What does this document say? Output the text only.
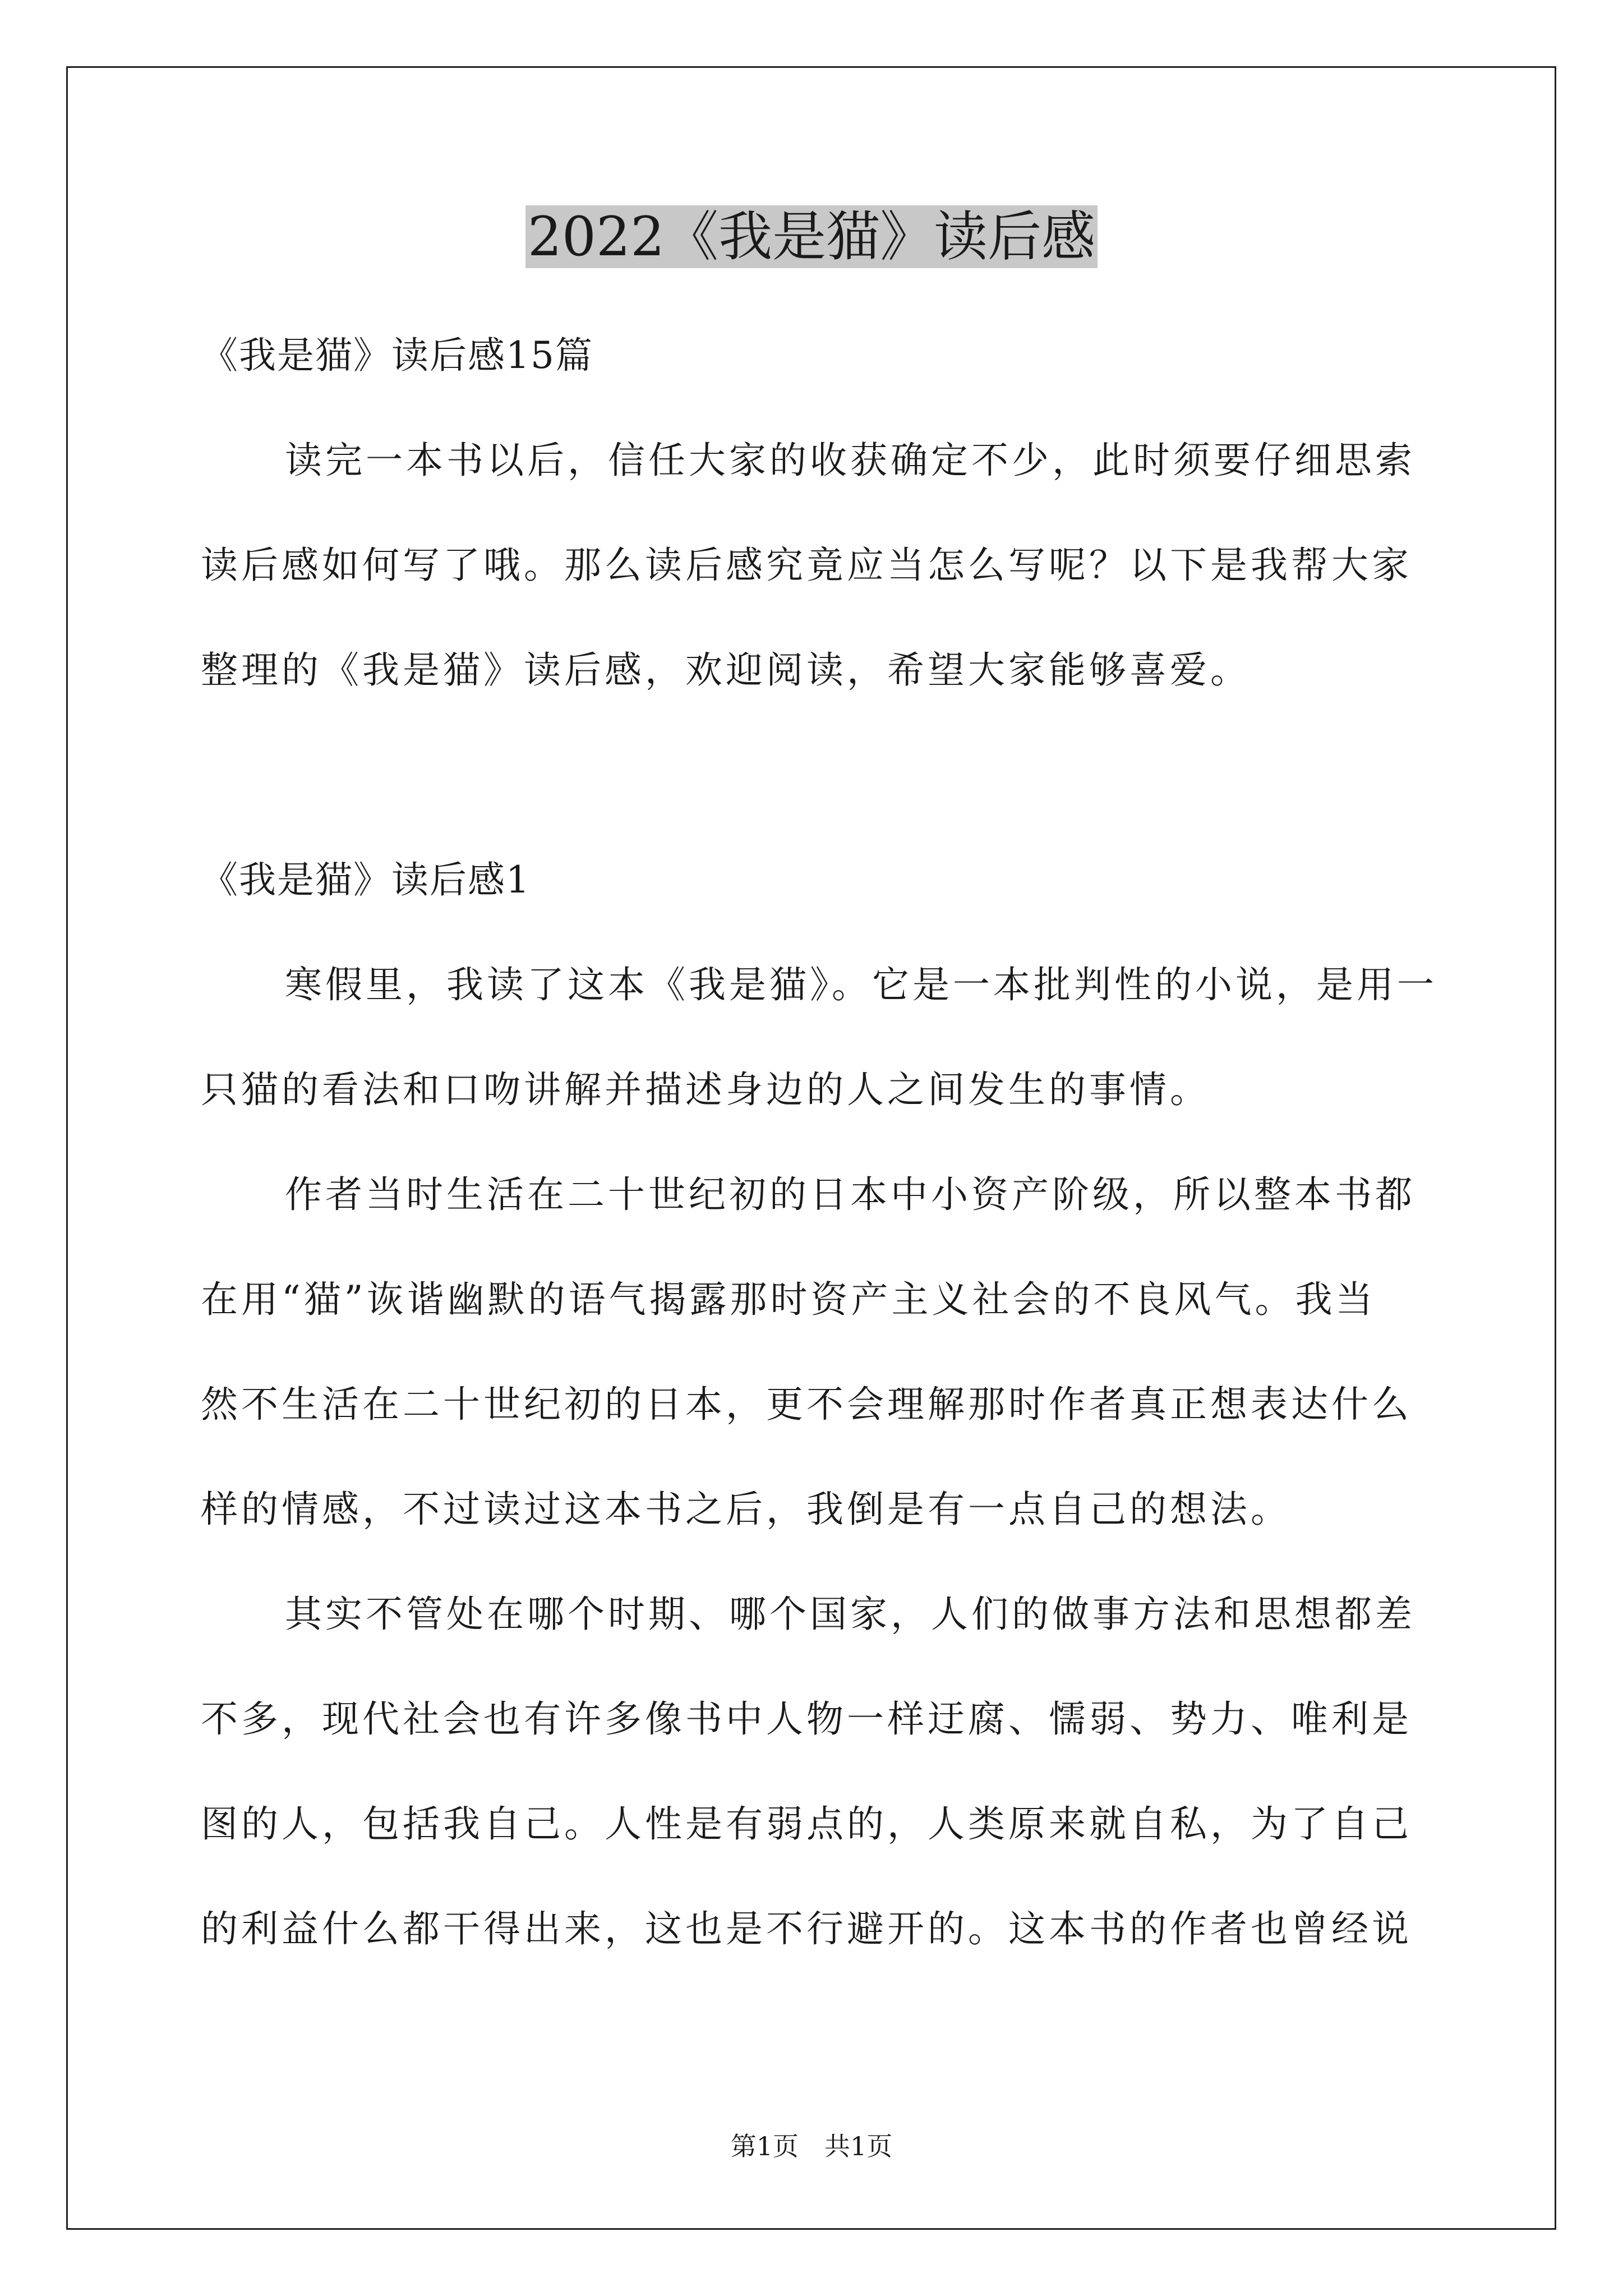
2022《我是猫》读后感

《我是猫》读后感15篇

读完一本书以后，信任大家的收获确定不少，此时须要仔细思索

读后感如何写了哦。那么读后感究竟应当怎么写呢？以下是我帮大家

整理的《我是猫》读后感，欢迎阅读，希望大家能够喜爱。

《我是猫》读后感1

寒假里，我读了这本《我是猫》。它是一本批判性的小说，是用一

只猫的看法和口吻讲解并描述身边的人之间发生的事情。

作者当时生活在二十世纪初的日本中小资产阶级，所以整本书都

在用“猫”诙谐幽默的语气揭露那时资产主义社会的不良风气。我当

然不生活在二十世纪初的日本，更不会理解那时作者真正想表达什么

样的情感，不过读过这本书之后，我倒是有一点自己的想法。

其实不管处在哪个时期、哪个国家，人们的做事方法和思想都差

不多，现代社会也有许多像书中人物一样迂腐、懦弱、势力、唯利是

图的人，包括我自己。人性是有弱点的，人类原来就自私，为了自己

的利益什么都干得出来，这也是不行避开的。这本书的作者也曾经说

第1页　共1页
